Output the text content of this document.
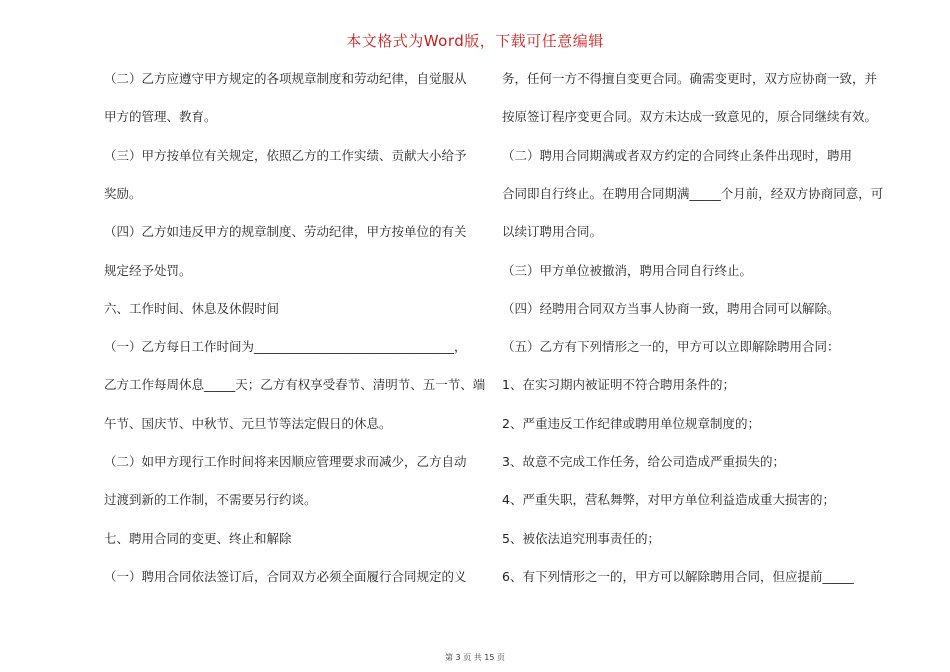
本文格式为Word版，下载可任意编辑
（二）乙方应遵守甲方规定的各项规章制度和劳动纪律，自觉服从
甲方的管理、教育。
（三）甲方按单位有关规定，依照乙方的工作实绩、贡献大小给予
奖励。
（四）乙方如违反甲方的规章制度、劳动纪律，甲方按单位的有关
规定经予处罚。
六、工作时间、休息及休假时间
（一）乙方每日工作时间为________________________________，
乙方工作每周休息_____天；乙方有权享受春节、清明节、五一节、端
午节、国庆节、中秋节、元旦节等法定假日的休息。
（二）如甲方现行工作时间将来因顺应管理要求而减少，乙方自动
过渡到新的工作制，不需要另行约谈。
七、聘用合同的变更、终止和解除
（一）聘用合同依法签订后，合同双方必须全面履行合同规定的义
务，任何一方不得擅自变更合同。确需变更时，双方应协商一致，并
按原签订程序变更合同。双方未达成一致意见的，原合同继续有效。
（二）聘用合同期满或者双方约定的合同终止条件出现时，聘用
合同即自行终止。在聘用合同期满_____个月前，经双方协商同意，可
以续订聘用合同。
（三）甲方单位被撤消，聘用合同自行终止。
（四）经聘用合同双方当事人协商一致，聘用合同可以解除。
（五）乙方有下列情形之一的，甲方可以立即解除聘用合同：
1、在实习期内被证明不符合聘用条件的；
2、严重违反工作纪律或聘用单位规章制度的；
3、故意不完成工作任务，给公司造成严重损失的；
4、严重失职，营私舞弊，对甲方单位利益造成重大损害的；
5、被依法追究刑事责任的；
6、有下列情形之一的，甲方可以解除聘用合同，但应提前_____
第 3 页 共 15 页
